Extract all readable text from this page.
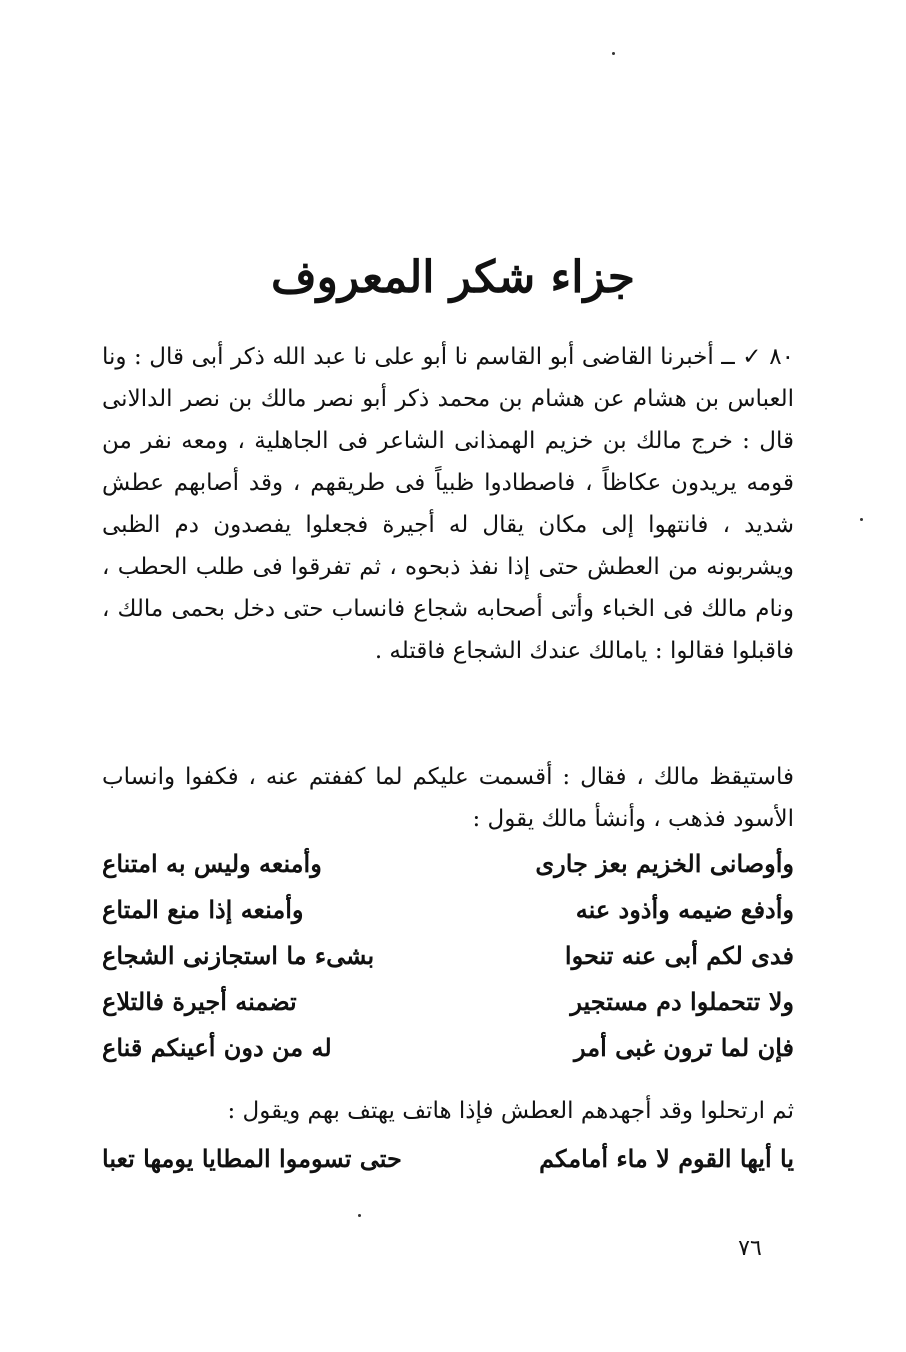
جزاء شكر المعروف

٨٠ ✓ ــ أخبرنا القاضى أبو القاسم نا أبو على نا عبد الله ذكر أبى قال : ونا العباس بن هشام عن هشام بن محمد ذكر أبو نصر مالك بن نصر الدالانى قال : خرج مالك بن خزيم الهمذانى الشاعر فى الجاهلية ، ومعه نفر من قومه يريدون عكاظاً ، فاصطادوا ظبياً فى طريقهم ، وقد أصابهم عطش شديد ، فانتهوا إلى مكان يقال له أجيرة فجعلوا يفصدون دم الظبى ويشربونه من العطش حتى إذا نفذ ذبحوه ، ثم تفرقوا فى طلب الحطب ، ونام مالك فى الخباء وأتى أصحابه شجاع فانساب حتى دخل بحمى مالك ، فاقبلوا فقالوا : يامالك عندك الشجاع فاقتله .

فاستيقظ مالك ، فقال : أقسمت عليكم لما كففتم عنه ، فكفوا وانساب الأسود فذهب ، وأنشأ مالك يقول :

وأوصانى الخزيم بعز جارى
وأمنعه وليس به امتناع
وأدفع ضيمه وأذود عنه
وأمنعه إذا منع المتاع
فدى لكم أبى عنه تنحوا
بشىء ما استجازنى الشجاع
ولا تتحملوا دم مستجير
تضمنه أجيرة فالتلاع
فإن لما ترون غبى أمر
له من دون أعينكم قناع

ثم ارتحلوا وقد أجهدهم العطش فإذا هاتف يهتف بهم ويقول :

يا أيها القوم لا ماء أمامكم
حتى تسوموا المطايا يومها تعبا
٧٦
